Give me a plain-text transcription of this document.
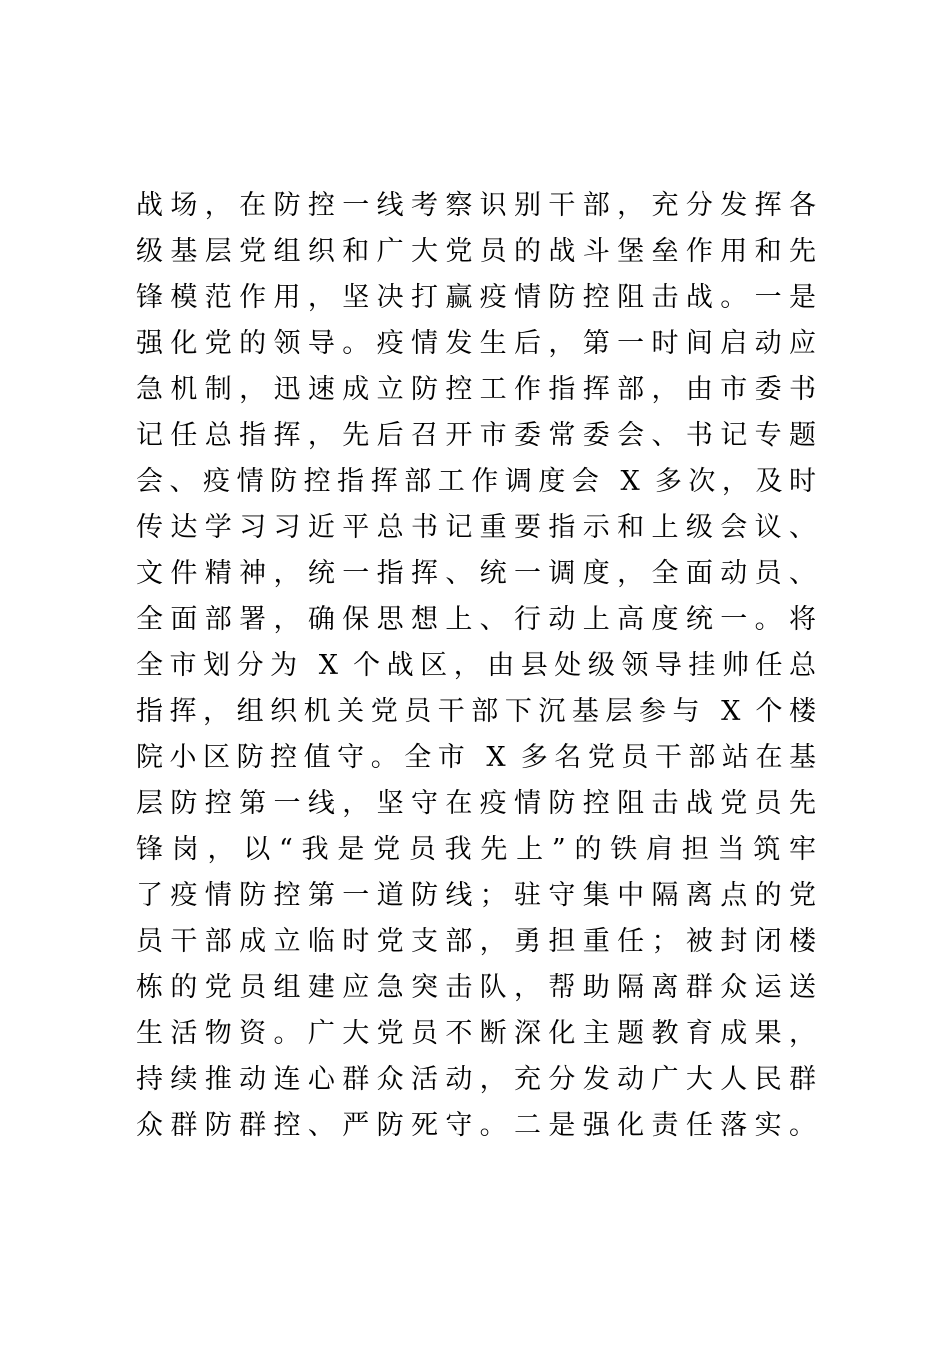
战场，在防控一线考察识别干部，充分发挥各
级基层党组织和广大党员的战斗堡垒作用和先
锋模范作用，坚决打赢疫情防控阻击战。一是
强化党的领导。疫情发生后，第一时间启动应
急机制，迅速成立防控工作指挥部，由市委书
记任总指挥，先后召开市委常委会、书记专题
会、疫情防控指挥部工作调度会 X 多次，及时
传达学习习近平总书记重要指示和上级会议、
文件精神，统一指挥、统一调度，全面动员、
全面部署，确保思想上、行动上高度统一。将
全市划分为 X 个战区，由县处级领导挂帅任总
指挥，组织机关党员干部下沉基层参与 X 个楼
院小区防控值守。全市 X 多名党员干部站在基
层防控第一线，坚守在疫情防控阻击战党员先
锋岗，以“我是党员我先上”的铁肩担当筑牢
了疫情防控第一道防线；驻守集中隔离点的党
员干部成立临时党支部，勇担重任；被封闭楼
栋的党员组建应急突击队，帮助隔离群众运送
生活物资。广大党员不断深化主题教育成果，
持续推动连心群众活动，充分发动广大人民群
众群防群控、严防死守。二是强化责任落实。
